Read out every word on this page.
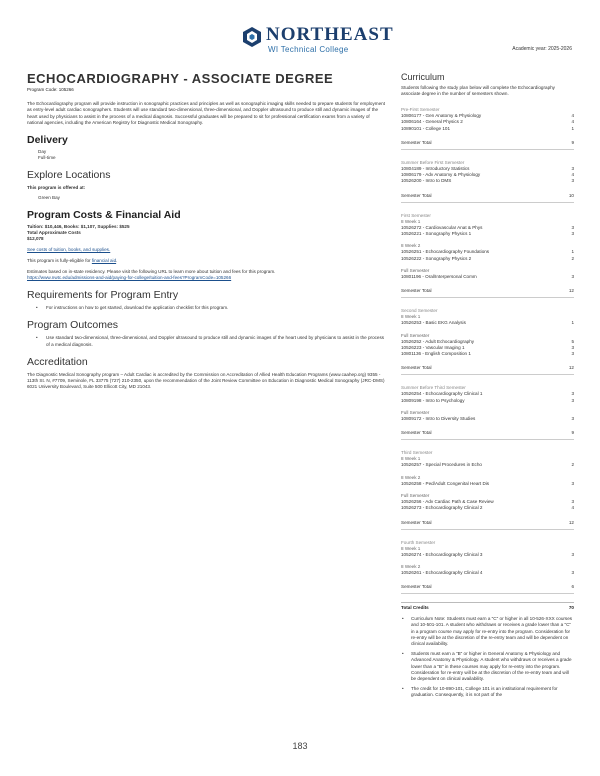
NORTHEAST
WI Technical College	Academic year: 2025-2026
ECHOCARDIOGRAPHY - ASSOCIATE DEGREE
Program Code: 105266
The Echocardiography program will provide instruction in sonographic practices and principles as well as sonographic imaging skills needed to prepare students for employment as entry-level adult cardiac sonographers. Students will use standard two-dimensional, three-dimensional, and Doppler ultrasound to produce still and dynamic images of the heart used by physicians to assist in the process of a medical diagnosis. Successful graduates will be prepared to sit for professional certification exams from a variety of national agencies, including the American Registry for Diagnostic Medical Sonography.
Delivery
Day
Full-time
Explore Locations
This program is offered at:
Green Bay
Program Costs & Financial Aid
Tuition: $10,446, Books: $1,107, Supplies: $525
Total Approximate Costs
$12,078
See costs of tuition, books, and supplies.
This program is fully-eligible for financial aid.
Estimates based on in-state residency. Please visit the following URL to learn more about tuition and fees for this program.
https://www.nwtc.edu/admissions-and-aid/paying-for-college/tuition-and-fees?ProgramCode=105266
Requirements for Program Entry
• For instructions on how to get started, download the application checklist for this program.
Program Outcomes
• Use standard two-dimensional, three-dimensional, and Doppler ultrasound to produce still and dynamic images of the heart used by physicians to assist in the process of a medical diagnosis.
Accreditation
The Diagnostic Medical Sonography program – Adult Cardiac is accredited by the Commission on Accreditation of Allied Health Education Programs (www.caahep.org) 9355 - 113th St. N, #7709, Seminole, FL 33775 (727) 210-2350, upon the recommendation of the Joint Review Committee on Education in Diagnostic Medical Sonography (JRC-DMS) 6021 University Boulevard, Suite 500 Ellicott City, MD 21043.
Curriculum
Students following the study plan below will complete the Echocardiography associate degree in the number of semesters shown.
Pre-First Semester
10806177 - Gen Anatomy & Physiology	4
10806164 - General Physics 2	4
10890101 - College 101	1
Semester Total	9
Summer Before First Semester
10804189 - Introductory Statistics	3
10806179 - Adv Anatomy & Physiology	4
10526200 - Intro to DMS	3
Semester Total	10
First Semester
8 Week 1
10526272 - Cardiovascular Anat & Phys	3
10526221 - Sonography Physics 1	3
8 Week 2
10526251 - Echocardiography Foundations	1
10526222 - Sonography Physics 2	2
Full Semester
10801196 - Oral/Interpersonal Comm	3
Semester Total	12
Second Semester
8 Week 1
10526253 - Basic EKG Analysis	1
Full Semester
10526252 - Adult Echocardiography	5
10526223 - Vascular Imaging 1	3
10801136 - English Composition 1	3
Semester Total	12
Summer Before Third Semester
10526254 - Echocardiography Clinical 1	3
10809198 - Intro to Psychology	3
Full Semester
10809172 - Intro to Diversity Studies	3
Semester Total	9
Third Semester
8 Week 1
10526257 - Special Procedures in Echo	2
8 Week 2
10526258 - Ped/Adult Congenital Heart Dis	3
Full Semester
10526256 - Adv Cardiac Path & Case Review	3
10526273 - Echocardiography Clinical 2	4
Semester Total	12
Fourth Semester
8 Week 1
10526274 - Echocardiography Clinical 3	3
8 Week 2
10526261 - Echocardiography Clinical 4	3
Semester Total	6
Total Credits	70
• Curriculum Note: Students must earn a "C" or higher in all 10-526-XXX courses and 10-501-101. A student who withdraws or receives a grade lower than a "C" in a program course may apply for re-entry into the program. Consideration for re-entry will be at the discretion of the re-entry team and will be dependent on clinical availability.
• Students must earn a "B" or higher in General Anatomy & Physiology and Advanced Anatomy & Physiology. A student who withdraws or receives a grade lower than a "B" in these courses may apply for re-entry into the program. Consideration for re-entry will be at the discretion of the re-entry team and will be dependent on clinical availability.
• The credit for 10-890-101, College 101 is an institutional requirement for graduation. Consequently, it is not part of the
183
